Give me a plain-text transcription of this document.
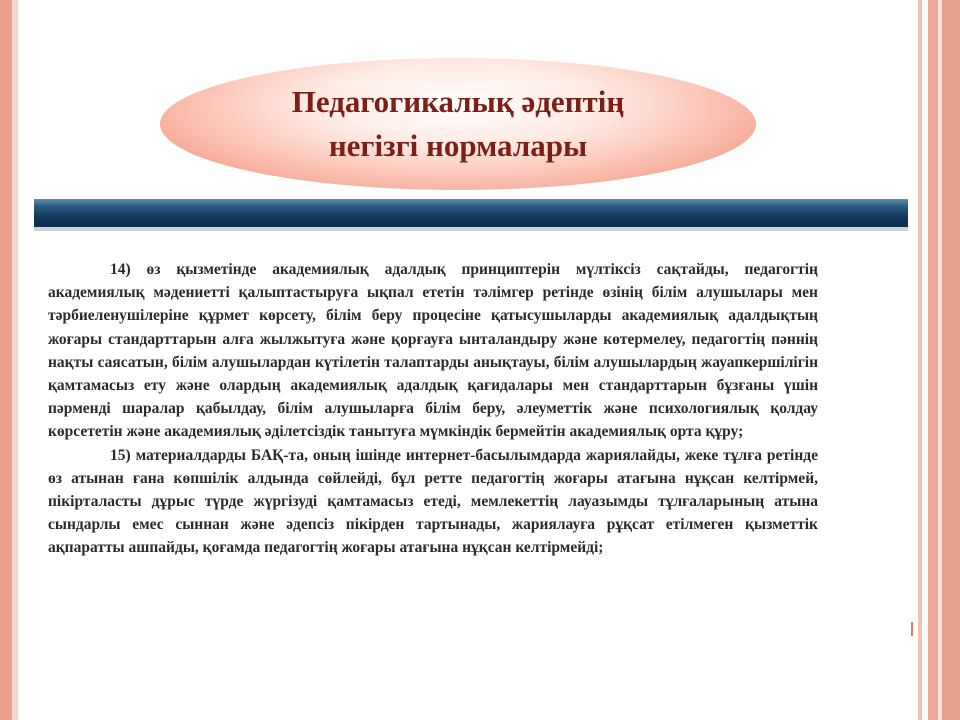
Педагогикалық әдептің
негізгі нормалары

14) өз қызметінде академиялық адалдық принциптерін мүлтіксіз сақтайды, педагогтің академиялық мәдениетті қалыптастыруға ықпал ететін тәлімгер ретінде өзінің білім алушылары мен тәрбиеленушілеріне құрмет көрсету, білім беру процесіне қатысушыларды академиялық адалдықтың жоғары стандарттарын алға жылжытуға және қорғауға ынталандыру және көтермелеу, педагогтің пәннің нақты саясатын, білім алушылардан күтілетін талаптарды анықтауы, білім алушылардың жауапкершілігін қамтамасыз ету және олардың академиялық адалдық қағидалары мен стандарттарын бұзғаны үшін пәрменді шаралар қабылдау, білім алушыларға білім беру, әлеуметтік және психологиялық қолдау көрсететін және академиялық әділетсіздік танытуға мүмкіндік бермейтін академиялық орта құру;

15) материалдарды БАҚ-та, оның ішінде интернет-басылымдарда жариялайды, жеке тұлға ретінде өз атынан ғана көпшілік алдында сөйлейді, бұл ретте педагогтің жоғары атағына нұқсан келтірмей, пікірталасты дұрыс түрде жүргізуді қамтамасыз етеді, мемлекеттің лауазымды тұлғаларының атына сындарлы емес сыннан және әдепсіз пікірден тартынады, жариялауға рұқсат етілмеген қызметтік ақпаратты ашпайды, қоғамда педагогтің жоғары атағына нұқсан келтірмейді;
